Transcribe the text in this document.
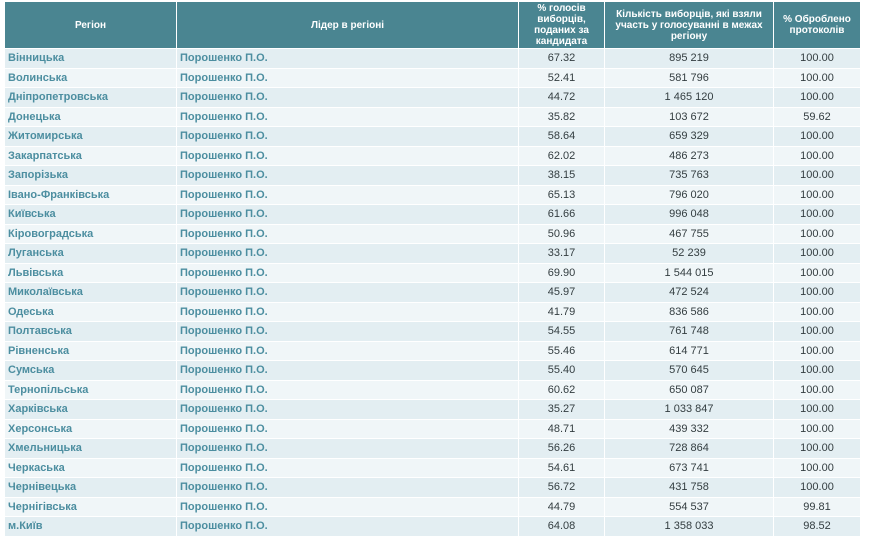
Регіон	Лідер в регіоні	% голосів виборців, поданих за кандидата	Кількість виборців, які взяли участь у голосуванні в межах регіону	% Оброблено протоколів
Вінницька	Порошенко П.О.	67.32	895 219	100.00
Волинська	Порошенко П.О.	52.41	581 796	100.00
Дніпропетровська	Порошенко П.О.	44.72	1 465 120	100.00
Донецька	Порошенко П.О.	35.82	103 672	59.62
Житомирська	Порошенко П.О.	58.64	659 329	100.00
Закарпатська	Порошенко П.О.	62.02	486 273	100.00
Запорізька	Порошенко П.О.	38.15	735 763	100.00
Івано-Франківська	Порошенко П.О.	65.13	796 020	100.00
Київська	Порошенко П.О.	61.66	996 048	100.00
Кіровоградська	Порошенко П.О.	50.96	467 755	100.00
Луганська	Порошенко П.О.	33.17	52 239	100.00
Львівська	Порошенко П.О.	69.90	1 544 015	100.00
Миколаївська	Порошенко П.О.	45.97	472 524	100.00
Одеська	Порошенко П.О.	41.79	836 586	100.00
Полтавська	Порошенко П.О.	54.55	761 748	100.00
Рівненська	Порошенко П.О.	55.46	614 771	100.00
Сумська	Порошенко П.О.	55.40	570 645	100.00
Тернопільська	Порошенко П.О.	60.62	650 087	100.00
Харківська	Порошенко П.О.	35.27	1 033 847	100.00
Херсонська	Порошенко П.О.	48.71	439 332	100.00
Хмельницька	Порошенко П.О.	56.26	728 864	100.00
Черкаська	Порошенко П.О.	54.61	673 741	100.00
Чернівецька	Порошенко П.О.	56.72	431 758	100.00
Чернігівська	Порошенко П.О.	44.79	554 537	99.81
м.Київ	Порошенко П.О.	64.08	1 358 033	98.52
